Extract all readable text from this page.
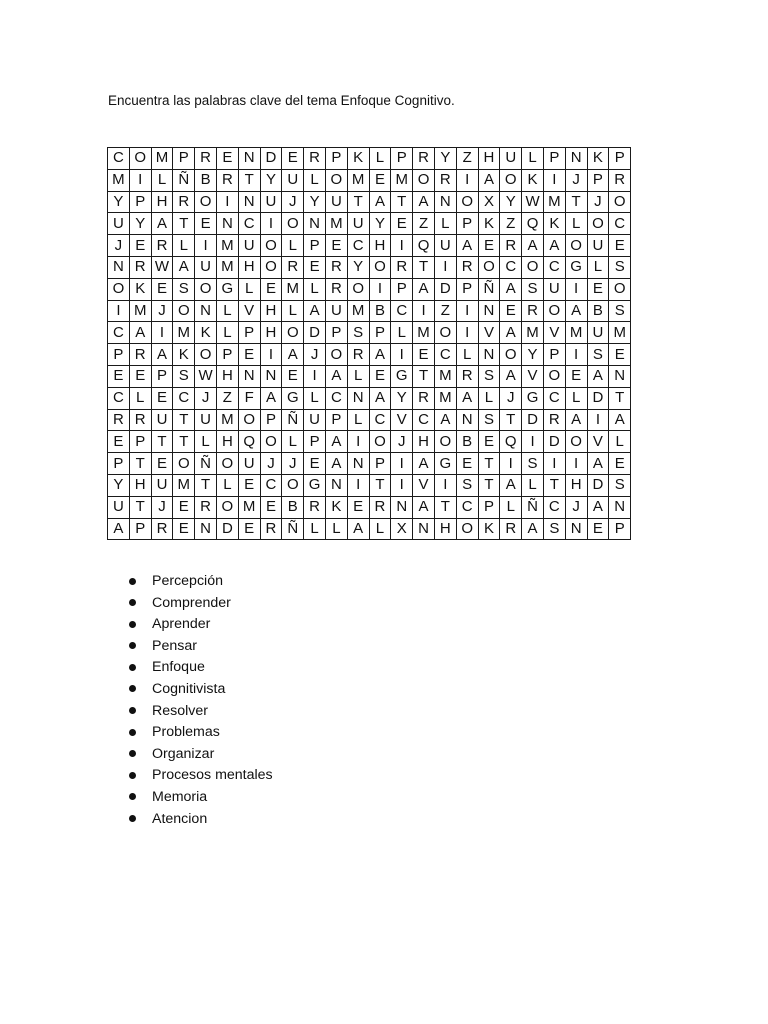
Encuentra las palabras clave del tema Enfoque Cognitivo.
C	O	M	P	R	E	N	D	E	R	P	K	L	P	R	Y	Z	H	U	L	P	N	K	P
M	I	L	Ñ	B	R	T	Y	U	L	O	M	E	M	O	R	I	A	O	K	I	J	P	R
Y	P	H	R	O	I	N	U	J	Y	U	T	A	T	A	N	O	X	Y	W	M	T	J	O
U	Y	A	T	E	N	C	I	O	N	M	U	Y	E	Z	L	P	K	Z	Q	K	L	O	C
J	E	R	L	I	M	U	O	L	P	E	C	H	I	Q	U	A	E	R	A	A	O	U	E
N	R	W	A	U	M	H	O	R	E	R	Y	O	R	T	I	R	O	C	O	C	G	L	S
O	K	E	S	O	G	L	E	M	L	R	O	I	P	A	D	P	Ñ	A	S	U	I	E	O
I	M	J	O	N	L	V	H	L	A	U	M	B	C	I	Z	I	N	E	R	O	A	B	S
C	A	I	M	K	L	P	H	O	D	P	S	P	L	M	O	I	V	A	M	V	M	U	M
P	R	A	K	O	P	E	I	A	J	O	R	A	I	E	C	L	N	O	Y	P	I	S	E
E	E	P	S	W	H	N	N	E	I	A	L	E	G	T	M	R	S	A	V	O	E	A	N
C	L	E	C	J	Z	F	A	G	L	C	N	A	Y	R	M	A	L	J	G	C	L	D	T
R	R	U	T	U	M	O	P	Ñ	U	P	L	C	V	C	A	N	S	T	D	R	A	I	A
E	P	T	T	L	H	Q	O	L	P	A	I	O	J	H	O	B	E	Q	I	D	O	V	L
P	T	E	O	Ñ	O	U	J	J	E	A	N	P	I	A	G	E	T	I	S	I	I	A	E
Y	H	U	M	T	L	E	C	O	G	N	I	T	I	V	I	S	T	A	L	T	H	D	S
U	T	J	E	R	O	M	E	B	R	K	E	R	N	A	T	C	P	L	Ñ	C	J	A	N
A	P	R	E	N	D	E	R	Ñ	L	L	A	L	X	N	H	O	K	R	A	S	N	E	P
Percepción
Comprender
Aprender
Pensar
Enfoque
Cognitivista
Resolver
Problemas
Organizar
Procesos mentales
Memoria
Atencion
